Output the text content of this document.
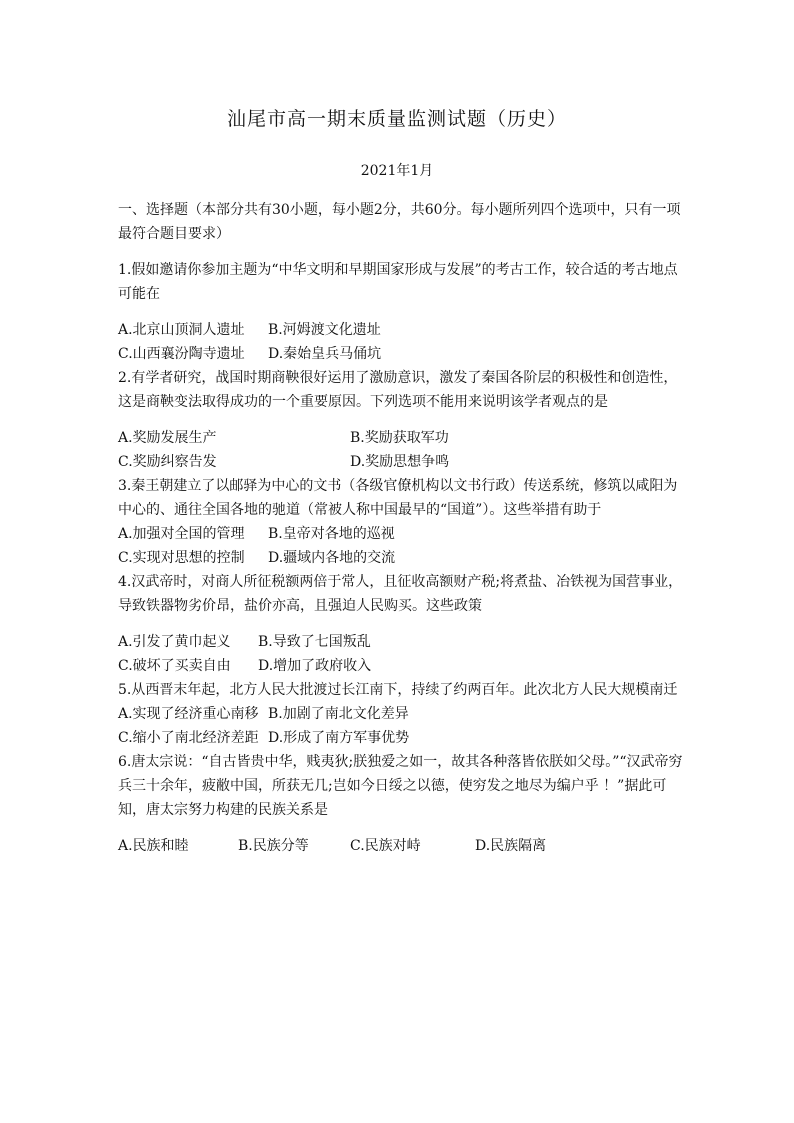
汕尾市高一期末质量监测试题（历史）
2021年1月

一、选择题（本部分共有30小题，每小题2分，共60分。每小题所列四个选项中，只有一项最符合题目要求）

1.假如邀请你参加主题为“中华文明和早期国家形成与发展”的考古工作，较合适的考古地点可能在

A.北京山顶洞人遗址	B.河姆渡文化遗址
C.山西襄汾陶寺遗址	D.秦始皇兵马俑坑

2.有学者研究，战国时期商鞅很好运用了激励意识，激发了秦国各阶层的积极性和创造性，这是商鞅变法取得成功的一个重要原因。下列选项不能用来说明该学者观点的是

A.奖励发展生产	B.奖励获取军功
C.奖励纠察告发	D.奖励思想争鸣

3.秦王朝建立了以邮驿为中心的文书（各级官僚机构以文书行政）传送系统，修筑以咸阳为中心的、通往全国各地的驰道（常被人称中国最早的“国道”）。这些举措有助于

A.加强对全国的管理	B.皇帝对各地的巡视
C.实现对思想的控制	D.疆域内各地的交流

4.汉武帝时，对商人所征税额两倍于常人，且征收高额财产税;将煮盐、冶铁视为国营事业，导致铁器物劣价昂，盐价亦高，且强迫人民购买。这些政策

A.引发了黄巾起义	B.导致了七国叛乱
C.破坏了买卖自由	D.增加了政府收入

5.从西晋末年起，北方人民大批渡过长江南下，持续了约两百年。此次北方人民大规模南迁

A.实现了经济重心南移 B.加剧了南北文化差异
C.缩小了南北经济差距 D.形成了南方军事优势

6.唐太宗说：“自古皆贵中华，贱夷狄;朕独爱之如一，故其各种落皆依朕如父母。”“汉武帝穷兵三十余年，疲敝中国，所获无几;岂如今日绥之以德，使穷发之地尽为编户乎 ！”据此可知，唐太宗努力构建的民族关系是

A.民族和睦	B.民族分等	C.民族对峙	D.民族隔离
